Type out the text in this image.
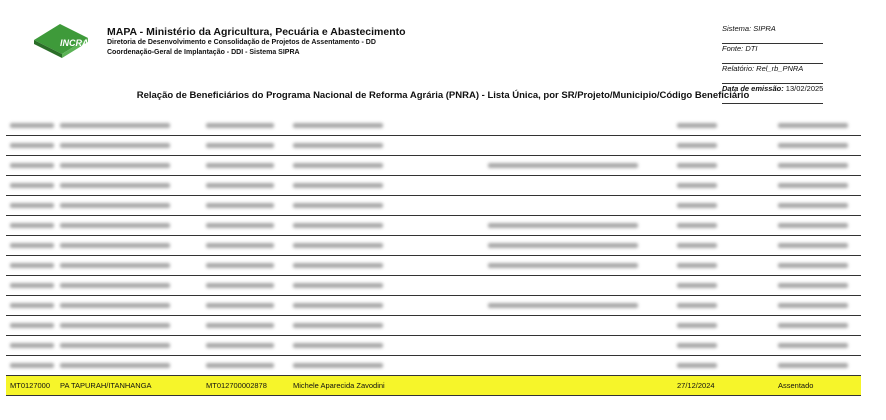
INCRA
MAPA - Ministério da Agricultura, Pecuária e Abastecimento
Diretoria de Desenvolvimento e Consolidação de Projetos de Assentamento - DD
Coordenação-Geral de Implantação - DDI - Sistema SIPRA
Sistema: SIPRA
Fonte: DTI
Relatório: Rel_rb_PNRA
Data de emissão: 13/02/2025
Relação de Beneficiários do Programa Nacional de Reforma Agrária (PNRA) - Lista Única, por SR/Projeto/Municipio/Código Beneficiário
MT0127000 PA TAPURAH/ITANHANGA	MT012700002878	Michele Aparecida Zavodini	27/12/2024	Assentado
